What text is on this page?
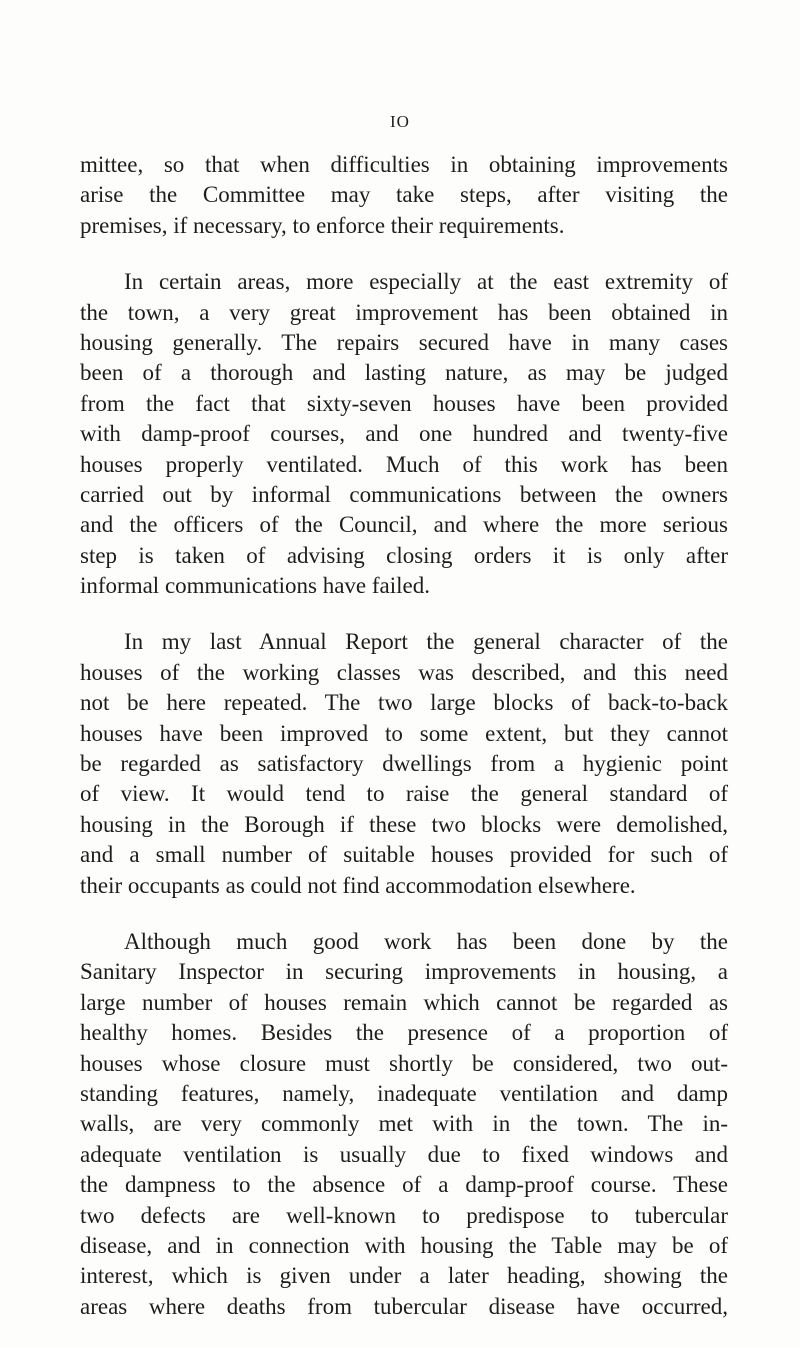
IO

mittee, so that when difficulties in obtaining improvements
arise the Committee may take steps, after visiting the
premises, if necessary, to enforce their requirements.

In certain areas, more especially at the east extremity of
the town, a very great improvement has been obtained in
housing generally. The repairs secured have in many cases
been of a thorough and lasting nature, as may be judged
from the fact that sixty-seven houses have been provided
with damp-proof courses, and one hundred and twenty-five
houses properly ventilated. Much of this work has been
carried out by informal communications between the owners
and the officers of the Council, and where the more serious
step is taken of advising closing orders it is only after
informal communications have failed.

In my last Annual Report the general character of the
houses of the working classes was described, and this need
not be here repeated. The two large blocks of back-to-back
houses have been improved to some extent, but they cannot
be regarded as satisfactory dwellings from a hygienic point
of view. It would tend to raise the general standard of
housing in the Borough if these two blocks were demolished,
and a small number of suitable houses provided for such of
their occupants as could not find accommodation elsewhere.

Although much good work has been done by the
Sanitary Inspector in securing improvements in housing, a
large number of houses remain which cannot be regarded as
healthy homes. Besides the presence of a proportion of
houses whose closure must shortly be considered, two out-
standing features, namely, inadequate ventilation and damp
walls, are very commonly met with in the town. The in-
adequate ventilation is usually due to fixed windows and
the dampness to the absence of a damp-proof course. These
two defects are well-known to predispose to tubercular
disease, and in connection with housing the Table may be of
interest, which is given under a later heading, showing the
areas where deaths from tubercular disease have occurred,
